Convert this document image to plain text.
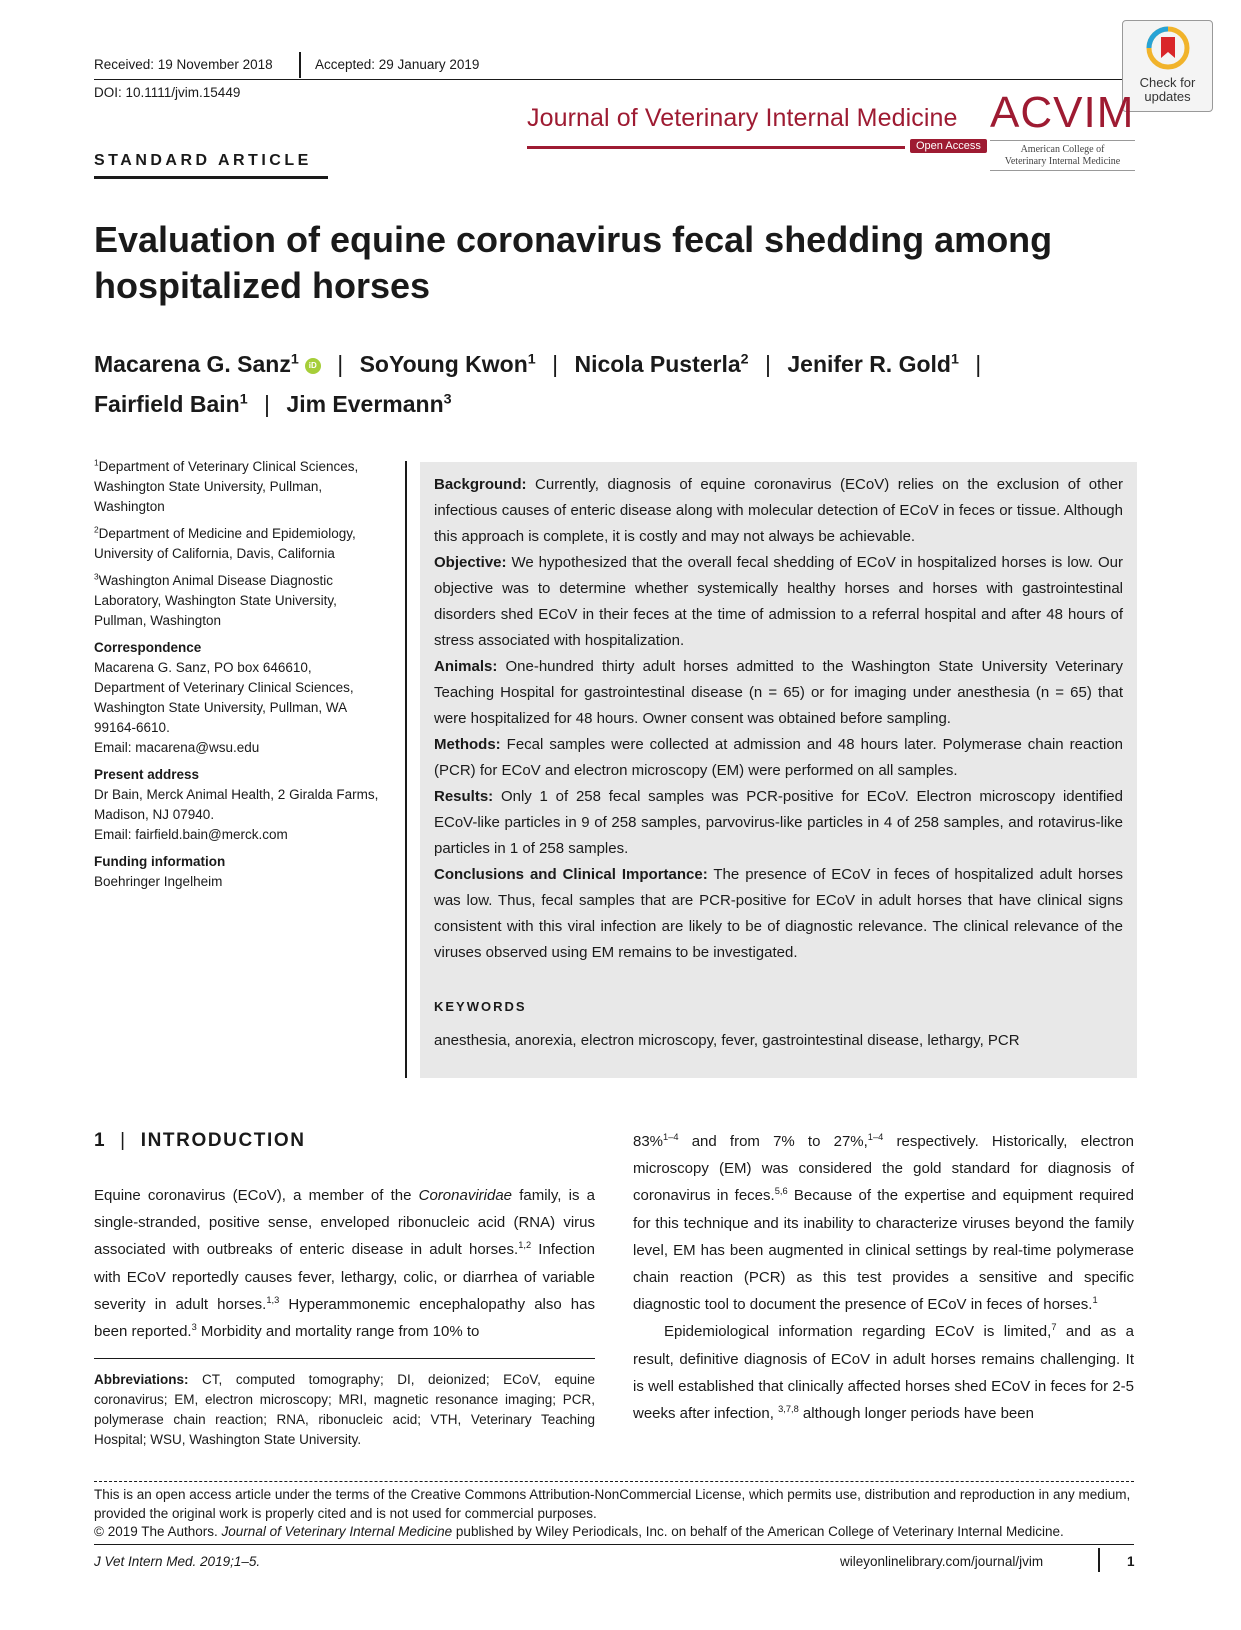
Received: 19 November 2018	Accepted: 29 January 2019
DOI: 10.1111/jvim.15449
Check for
updates
Journal of Veterinary Internal Medicine
Open Access
ACVIM
American College of
Veterinary Internal Medicine
STANDARD ARTICLE
Evaluation of equine coronavirus fecal shedding among
hospitalized horses
Macarena G. Sanz$^1$ iD | SoYoung Kwon$^1$ | Nicola Pusterla$^2$ | Jenifer R. Gold$^1$ |
Fairfield Bain$^1$ | Jim Evermann$^3$

$^1$Department of Veterinary Clinical Sciences, Washington State University, Pullman, Washington

$^2$Department of Medicine and Epidemiology, University of California, Davis, California

$^3$Washington Animal Disease Diagnostic Laboratory, Washington State University, Pullman, Washington

Correspondence

Macarena G. Sanz, PO box 646610, Department of Veterinary Clinical Sciences, Washington State University, Pullman, WA 99164-6610.

Email: macarena@wsu.edu

Present address

Dr Bain, Merck Animal Health, 2 Giralda Farms, Madison, NJ 07940.

Email: fairfield.bain@merck.com

Funding information

Boehringer Ingelheim

Background: Currently, diagnosis of equine coronavirus (ECoV) relies on the exclusion of other infectious causes of enteric disease along with molecular detection of ECoV in feces or tissue. Although this approach is complete, it is costly and may not always be achievable.

Objective: We hypothesized that the overall fecal shedding of ECoV in hospitalized horses is low. Our objective was to determine whether systemically healthy horses and horses with gastrointestinal disorders shed ECoV in their feces at the time of admission to a referral hospital and after 48 hours of stress associated with hospitalization.

Animals: One-hundred thirty adult horses admitted to the Washington State University Veterinary Teaching Hospital for gastrointestinal disease (n = 65) or for imaging under anesthesia (n = 65) that were hospitalized for 48 hours. Owner consent was obtained before sampling.

Methods: Fecal samples were collected at admission and 48 hours later. Polymerase chain reaction (PCR) for ECoV and electron microscopy (EM) were performed on all samples.

Results: Only 1 of 258 fecal samples was PCR-positive for ECoV. Electron microscopy identified ECoV-like particles in 9 of 258 samples, parvovirus-like particles in 4 of 258 samples, and rotavirus-like particles in 1 of 258 samples.

Conclusions and Clinical Importance: The presence of ECoV in feces of hospitalized adult horses was low. Thus, fecal samples that are PCR-positive for ECoV in adult horses that have clinical signs consistent with this viral infection are likely to be of diagnostic relevance. The clinical relevance of the viruses observed using EM remains to be investigated.

KEYWORDS
anesthesia, anorexia, electron microscopy, fever, gastrointestinal disease, lethargy, PCR
1 | INTRODUCTION

Equine coronavirus (ECoV), a member of the Coronaviridae family, is a single-stranded, positive sense, enveloped ribonucleic acid (RNA) virus associated with outbreaks of enteric disease in adult horses.$^{1,2}$ Infection with ECoV reportedly causes fever, lethargy, colic, or diarrhea of variable severity in adult horses.$^{1,3}$ Hyperammonemic encephalopathy also has been reported.$^3$ Morbidity and mortality range from 10% to

Abbreviations: CT, computed tomography; DI, deionized; ECoV, equine coronavirus; EM, electron microscopy; MRI, magnetic resonance imaging; PCR, polymerase chain reaction; RNA, ribonucleic acid; VTH, Veterinary Teaching Hospital; WSU, Washington State University.

83%$^{1-4}$ and from 7% to 27%,$^{1-4}$ respectively. Historically, electron microscopy (EM) was considered the gold standard for diagnosis of coronavirus in feces.$^{5,6}$ Because of the expertise and equipment required for this technique and its inability to characterize viruses beyond the family level, EM has been augmented in clinical settings by real-time polymerase chain reaction (PCR) as this test provides a sensitive and specific diagnostic tool to document the presence of ECoV in feces of horses.$^1$

Epidemiological information regarding ECoV is limited,$^7$ and as a result, definitive diagnosis of ECoV in adult horses remains challenging. It is well established that clinically affected horses shed ECoV in feces for 2-5 weeks after infection, $^{3,7,8}$ although longer periods have been

This is an open access article under the terms of the Creative Commons Attribution-NonCommercial License, which permits use, distribution and reproduction in any medium, provided the original work is properly cited and is not used for commercial purposes.
© 2019 The Authors. Journal of Veterinary Internal Medicine published by Wiley Periodicals, Inc. on behalf of the American College of Veterinary Internal Medicine.
J Vet Intern Med. 2019;1–5.	wileyonlinelibrary.com/journal/jvim	1
